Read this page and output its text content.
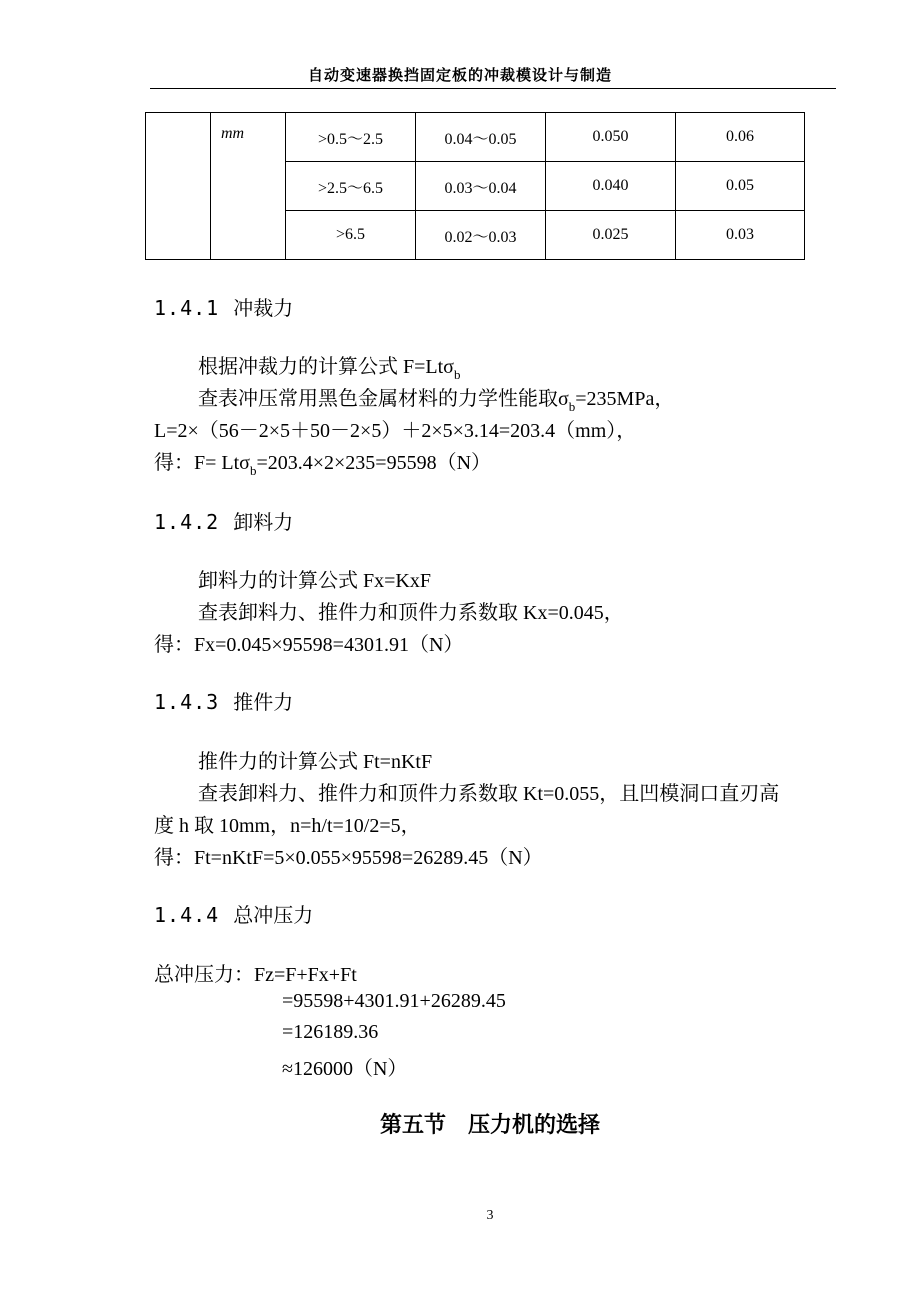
自动变速器换挡固定板的冲裁模设计与制造
	mm	>0.5～2.5	0.04～0.05	0.050	0.06
		>2.5～6.5	0.03～0.04	0.040	0.05
		>6.5	0.02～0.03	0.025	0.03
1.4.1 冲裁力
根据冲裁力的计算公式 F=Ltσ$_b$
查表冲压常用黑色金属材料的力学性能取$\sigma_b=235MPa$，
L=2×（56－2×5＋50－2×5）＋2×5×3.14=203.4（mm），
得：F= Ltσ$_b$=203.4×2×235=95598（N）
1.4.2 卸料力
卸料力的计算公式 Fx=KxF
查表卸料力、推件力和顶件力系数取 Kx=0.045，
得：Fx=0.045×95598=4301.91（N）
1.4.3 推件力
推件力的计算公式 Ft=nKtF
查表卸料力、推件力和顶件力系数取 Kt=0.055，且凹模洞口直刃高
度 h 取 10mm，n=h/t=10/2=5，
得：Ft=nKtF=5×0.055×95598=26289.45（N）
1.4.4 总冲压力
总冲压力：Fz=F+Fx+Ft
=95598+4301.91+26289.45
=126189.36
≈126000（N）
第五节　压力机的选择
3
